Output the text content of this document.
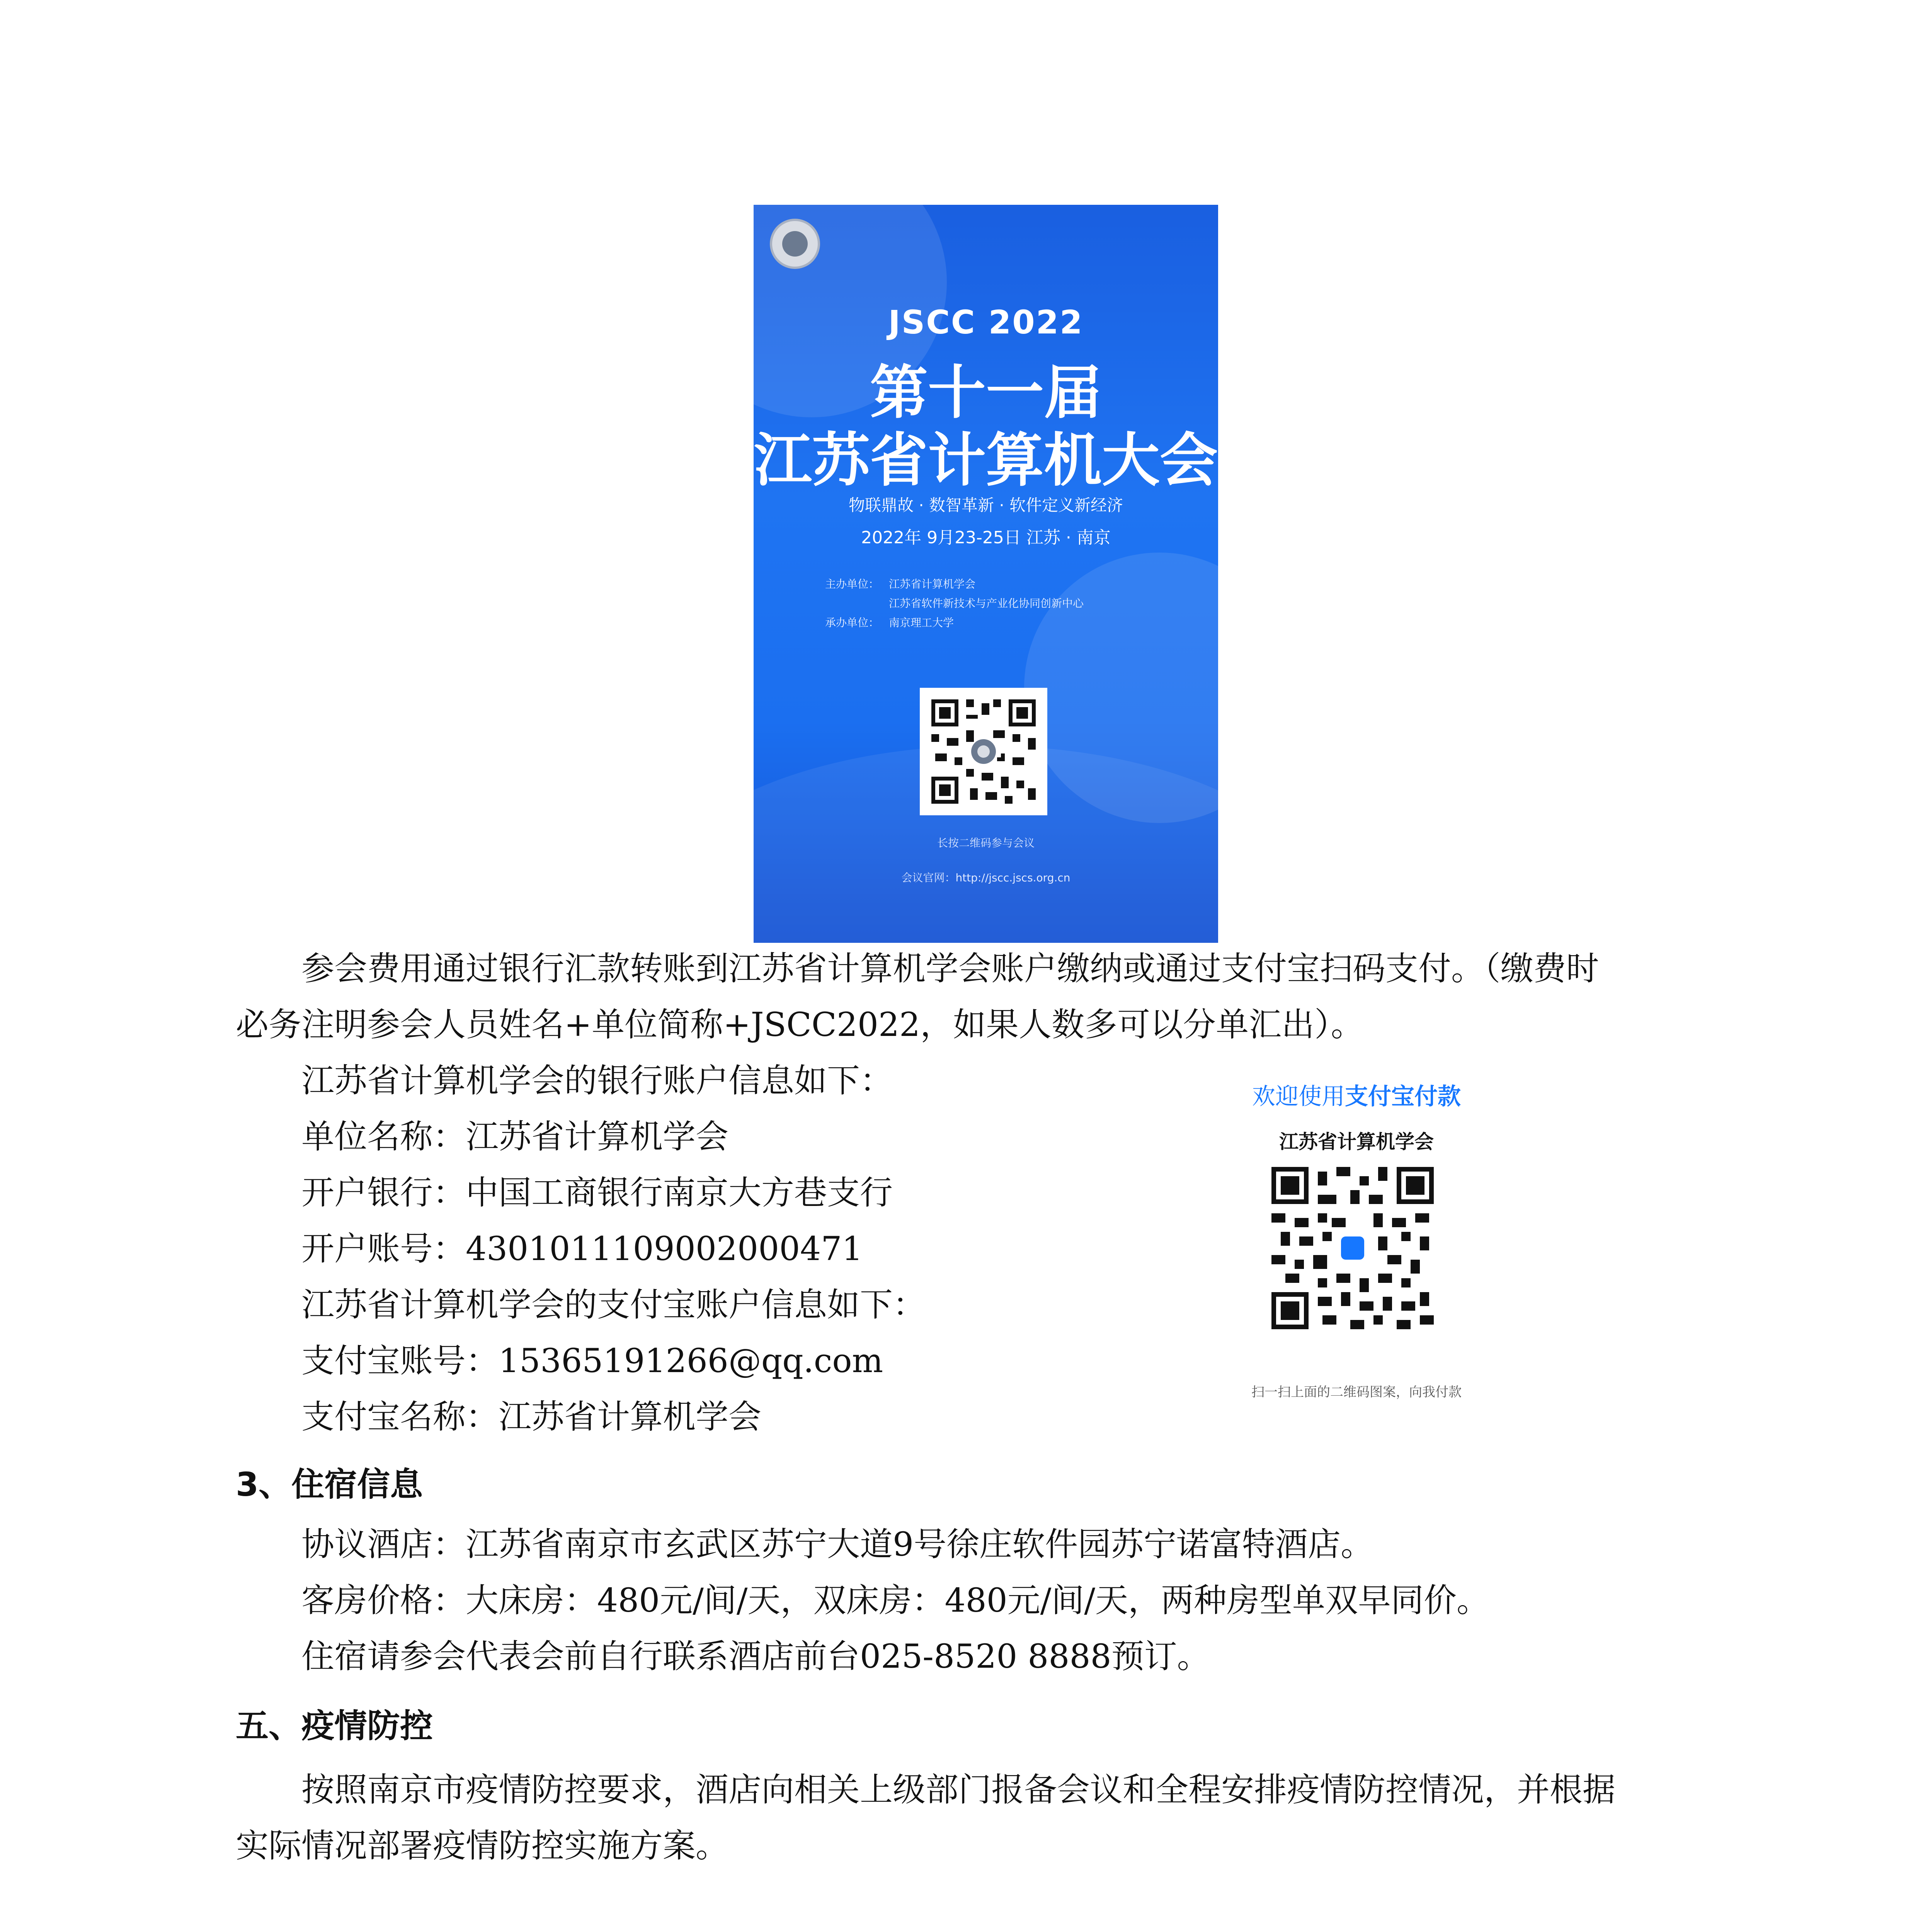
JSCC 2022
第十一届
江苏省计算机大会
物联鼎故 · 数智革新 · 软件定义新经济
2022年 9月23-25日 江苏 · 南京
主办单位： 江苏省计算机学会
江苏省软件新技术与产业化协同创新中心
承办单位： 南京理工大学
长按二维码参与会议
会议官网：http://jscc.jscs.org.cn
参会费用通过银行汇款转账到江苏省计算机学会账户缴纳或通过支付宝扫码支付。（缴费时
必务注明参会人员姓名+单位简称+JSCC2022，如果人数多可以分单汇出）。
江苏省计算机学会的银行账户信息如下：
单位名称：江苏省计算机学会
开户银行：中国工商银行南京大方巷支行
开户账号：4301011109002000471
江苏省计算机学会的支付宝账户信息如下：
支付宝账号：15365191266@qq.com
支付宝名称：江苏省计算机学会
欢迎使用支付宝付款
江苏省计算机学会
扫一扫上面的二维码图案，向我付款
3、住宿信息
协议酒店：江苏省南京市玄武区苏宁大道9号徐庄软件园苏宁诺富特酒店。
客房价格：大床房：480元/间/天，双床房：480元/间/天，两种房型单双早同价。
住宿请参会代表会前自行联系酒店前台025-8520 8888预订。
五、疫情防控
按照南京市疫情防控要求，酒店向相关上级部门报备会议和全程安排疫情防控情况，并根据
实际情况部署疫情防控实施方案。
